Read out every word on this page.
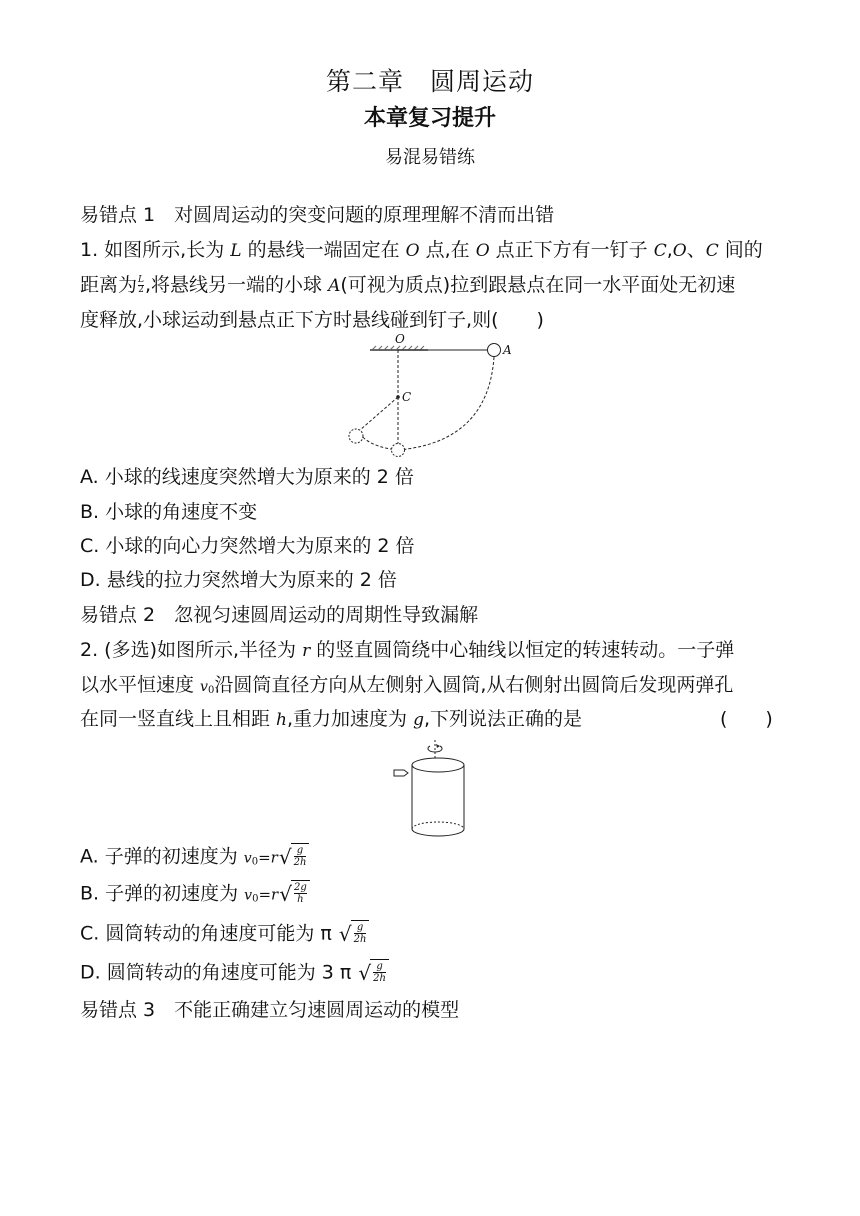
第二章　圆周运动
本章复习提升
易混易错练
易错点 1　对圆周运动的突变问题的原理理解不清而出错
1. 如图所示,长为 L 的悬线一端固定在 O 点,在 O 点正下方有一钉子 C,O、C 间的
距离为 $\frac{L}{2}$ ,将悬线另一端的小球 A(可视为质点)拉到跟悬点在同一水平面处无初速
度释放,小球运动到悬点正下方时悬线碰到钉子,则(　　)
O
A
C
A. 小球的线速度突然增大为原来的 2 倍
B. 小球的角速度不变
C. 小球的向心力突然增大为原来的 2 倍
D. 悬线的拉力突然增大为原来的 2 倍
易错点 2　忽视匀速圆周运动的周期性导致漏解
2. (多选)如图所示,半径为 r 的竖直圆筒绕中心轴线以恒定的转速转动。一子弹
以水平恒速度 $v_0$沿圆筒直径方向从左侧射入圆筒,从右侧射出圆筒后发现两弹孔
在同一竖直线上且相距 h,重力加速度为 g,下列说法正确的是	(　　)
A. 子弹的初速度为 $v_0=r$ √ $\frac{g}{2h}$
B. 子弹的初速度为 $v_0=r$ √ $\frac{2g}{h}$
C. 圆筒转动的角速度可能为 π √ $\frac{g}{2h}$
D. 圆筒转动的角速度可能为 3 π √ $\frac{g}{2h}$
易错点 3　不能正确建立匀速圆周运动的模型
